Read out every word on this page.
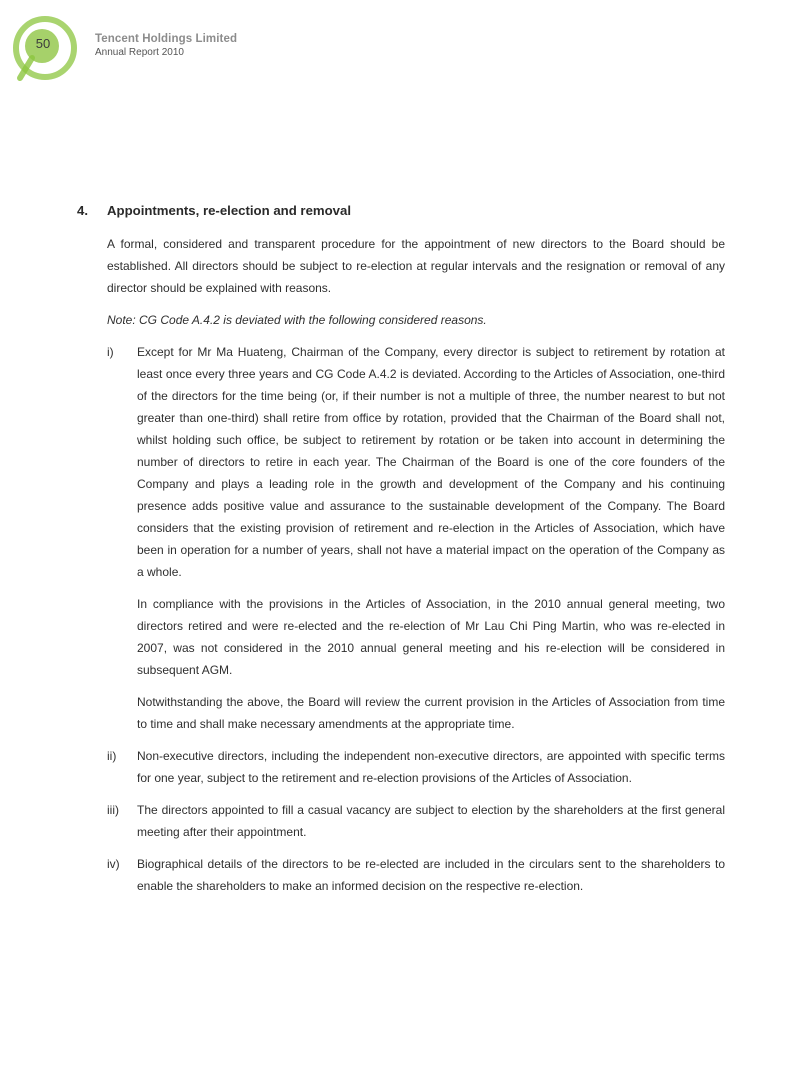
50	Tencent Holdings Limited
Annual Report 2010
4.	Appointments, re-election and removal

A formal, considered and transparent procedure for the appointment of new directors to the Board should be established. All directors should be subject to re-election at regular intervals and the resignation or removal of any director should be explained with reasons.

Note: CG Code A.4.2 is deviated with the following considered reasons.

i)	Except for Mr Ma Huateng, Chairman of the Company, every director is subject to retirement by rotation at least once every three years and CG Code A.4.2 is deviated. According to the Articles of Association, one-third of the directors for the time being (or, if their number is not a multiple of three, the number nearest to but not greater than one-third) shall retire from office by rotation, provided that the Chairman of the Board shall not, whilst holding such office, be subject to retirement by rotation or be taken into account in determining the number of directors to retire in each year. The Chairman of the Board is one of the core founders of the Company and plays a leading role in the growth and development of the Company and his continuing presence adds positive value and assurance to the sustainable development of the Company. The Board considers that the existing provision of retirement and re-election in the Articles of Association, which have been in operation for a number of years, shall not have a material impact on the operation of the Company as a whole.

In compliance with the provisions in the Articles of Association, in the 2010 annual general meeting, two directors retired and were re-elected and the re-election of Mr Lau Chi Ping Martin, who was re-elected in 2007, was not considered in the 2010 annual general meeting and his re-election will be considered in subsequent AGM.

Notwithstanding the above, the Board will review the current provision in the Articles of Association from time to time and shall make necessary amendments at the appropriate time.

ii)	Non-executive directors, including the independent non-executive directors, are appointed with specific terms for one year, subject to the retirement and re-election provisions of the Articles of Association.

iii)	The directors appointed to fill a casual vacancy are subject to election by the shareholders at the first general meeting after their appointment.

iv)	Biographical details of the directors to be re-elected are included in the circulars sent to the shareholders to enable the shareholders to make an informed decision on the respective re-election.
